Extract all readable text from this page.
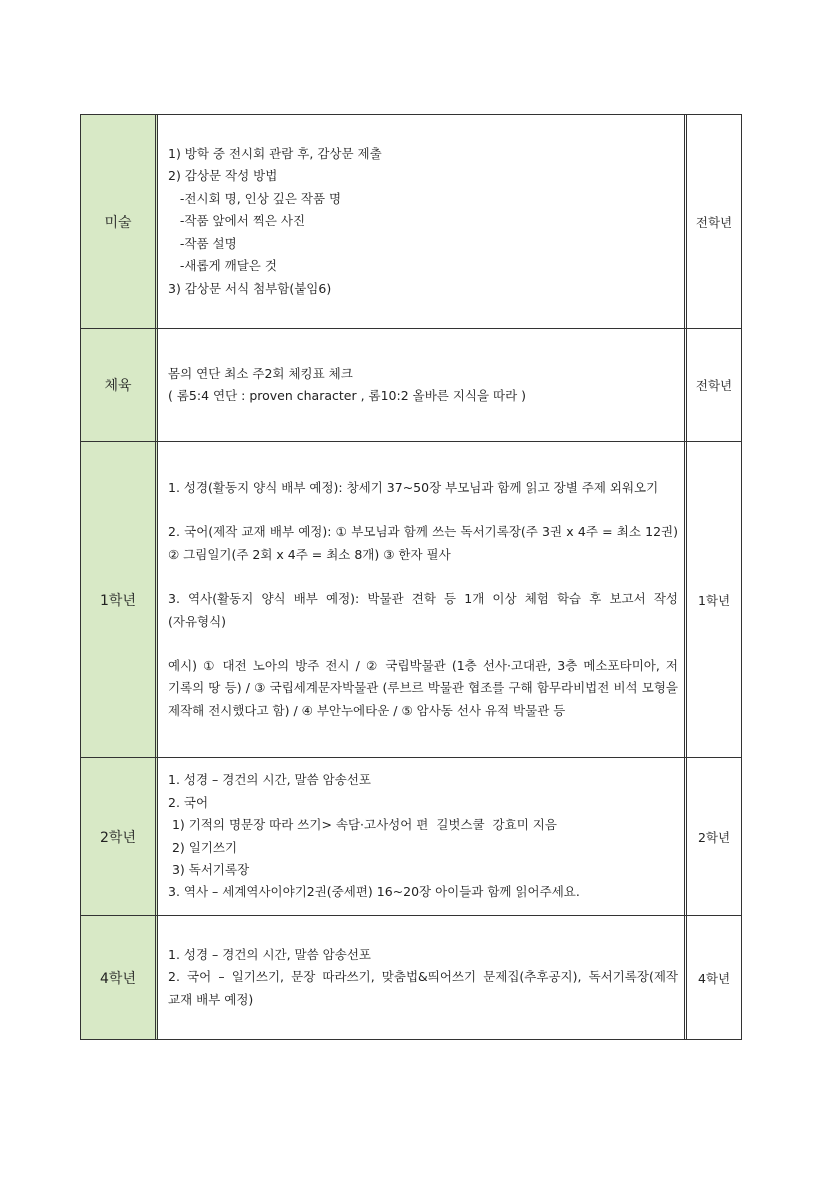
미술
1) 방학 중 전시회 관람 후, 감상문 제출
2) 감상문 작성 방법
-전시회 명, 인상 깊은 작품 명
-작품 앞에서 찍은 사진
-작품 설명
-새롭게 깨달은 것
3) 감상문 서식 첨부함(붙임6)
전학년
체육
몸의 연단 최소 주2회 체킹표 체크
( 롬5:4 연단 : proven character , 롬10:2 올바른 지식을 따라 )
전학년
1학년
1. 성경(활동지 양식 배부 예정): 창세기 37~50장 부모님과 함께 읽고 장별 주제 외워오기
2. 국어(제작 교재 배부 예정): ① 부모님과 함께 쓰는 독서기록장(주 3권 x 4주 = 최소 12권) ② 그림일기(주 2회 x 4주 = 최소 8개) ③ 한자 필사
3. 역사(활동지 양식 배부 예정): 박물관 견학 등 1개 이상 체험 학습 후 보고서 작성 (자유형식)
예시) ① 대전 노아의 방주 전시 / ② 국립박물관 (1층 선사·고대관, 3층 메소포타미아, 저 기록의 땅 등) / ③ 국립세계문자박물관 (루브르 박물관 협조를 구해 함무라비법전 비석 모형을 제작해 전시했다고 함) / ④ 부안누에타운 / ⑤ 암사동 선사 유적 박물관 등
1학년
2학년
1. 성경 – 경건의 시간, 말씀 암송선포
2. 국어
1) 기적의 명문장 따라 쓰기> 속담·고사성어 편  길벗스쿨  강효미 지음
2) 일기쓰기
3) 독서기록장
3. 역사 – 세계역사이야기2권(중세편) 16~20장 아이들과 함께 읽어주세요.
2학년
4학년
1. 성경 – 경건의 시간, 말씀 암송선포
2. 국어 – 일기쓰기, 문장 따라쓰기, 맞춤법&띄어쓰기 문제집(추후공지), 독서기록장(제작 교재 배부 예정)
4학년
